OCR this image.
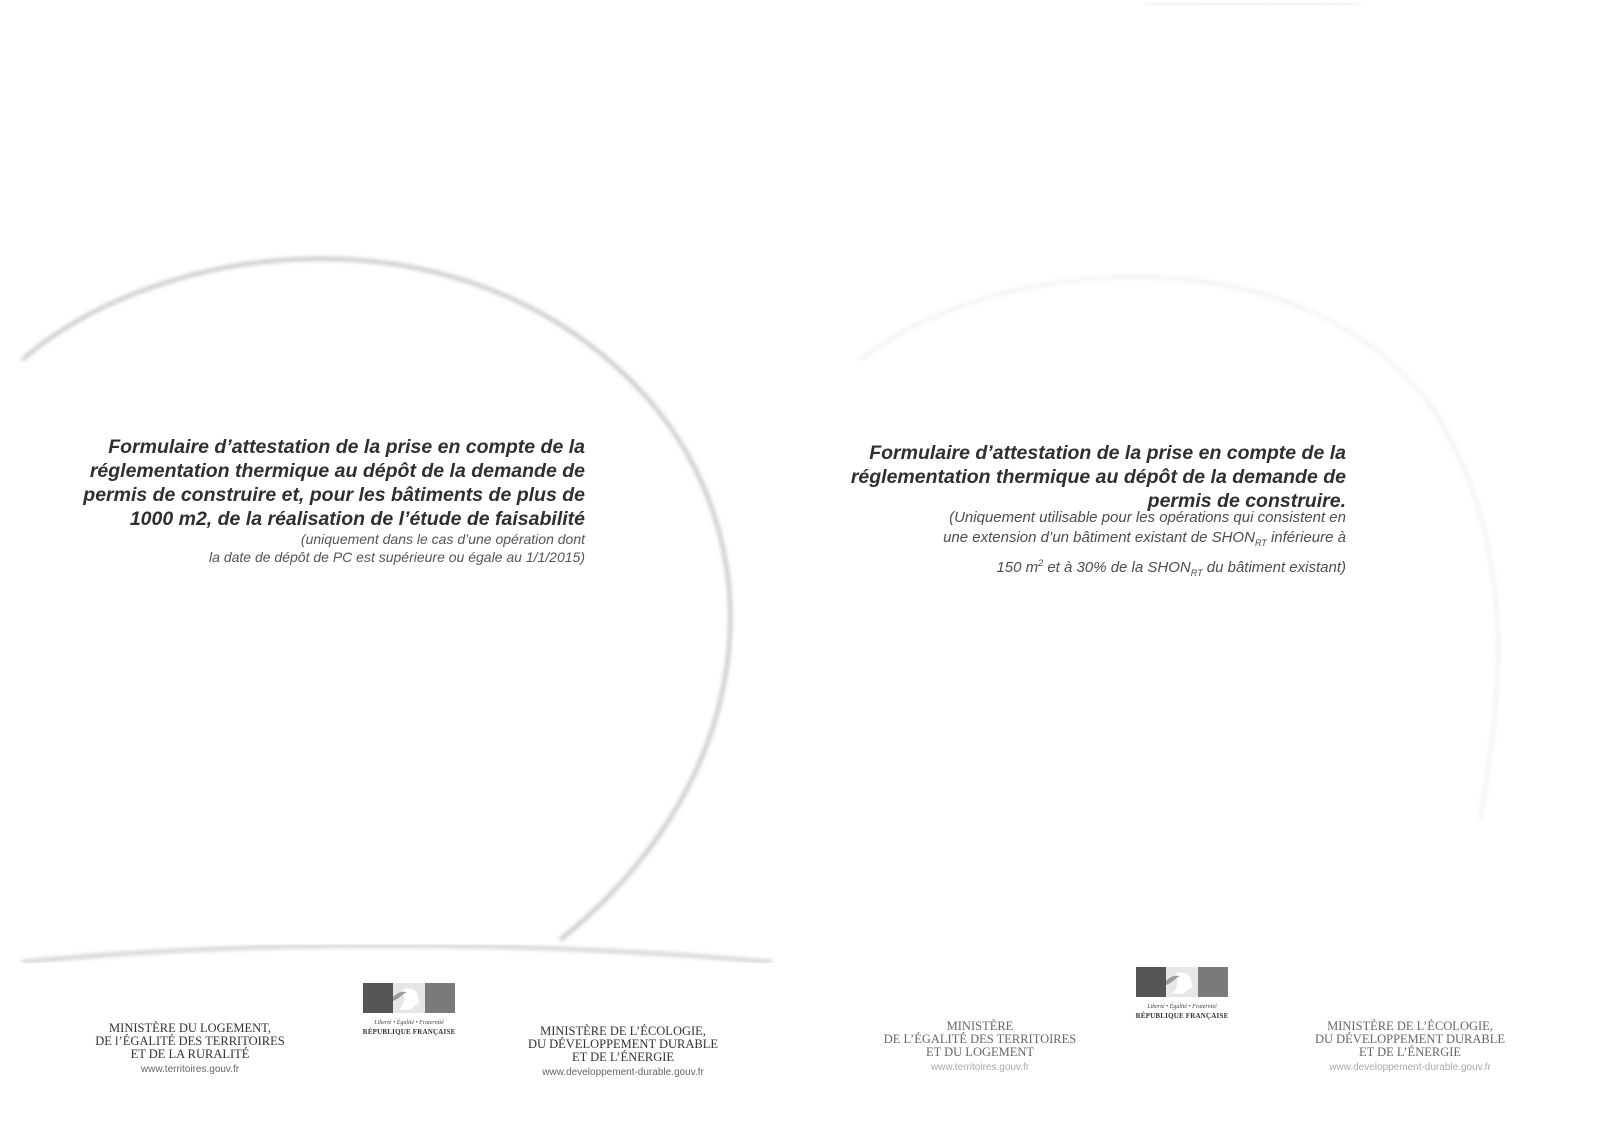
Formulaire d’attestation de la prise en compte de la

réglementation thermique au dépôt de la demande de

permis de construire et, pour les bâtiments de plus de

1000 m2, de la réalisation de l’étude de faisabilité

(uniquement dans le cas d’une opération dont

la date de dépôt de PC est supérieure ou égale au 1/1/2015)

Liberté • Égalité • Fraternité
RÉPUBLIQUE FRANÇAISE

MINISTÈRE DU LOGEMENT,

DE l’ÉGALITÉ DES TERRITOIRES

ET DE LA RURALITÉ

www.territoires.gouv.fr

MINISTÈRE DE L’ÉCOLOGIE,

DU DÉVELOPPEMENT DURABLE

ET DE L’ÉNERGIE

www.developpement-durable.gouv.fr

Formulaire d’attestation de la prise en compte de la

réglementation thermique au dépôt de la demande de

permis de construire.

(Uniquement utilisable pour les opérations qui consistent en

une extension d’un bâtiment existant de $SHON_{RT}$ inférieure à

150 $m^2$ et à 30% de la $SHON_{RT}$ du bâtiment existant)

Liberté • Égalité • Fraternité
RÉPUBLIQUE FRANÇAISE

MINISTÈRE

DE L’ÉGALITÉ DES TERRITOIRES

ET DU LOGEMENT

www.territoires.gouv.fr

MINISTÈRE DE L’ÉCOLOGIE,

DU DÉVELOPPEMENT DURABLE

ET DE L’ÉNERGIE

www.developpement-durable.gouv.fr
